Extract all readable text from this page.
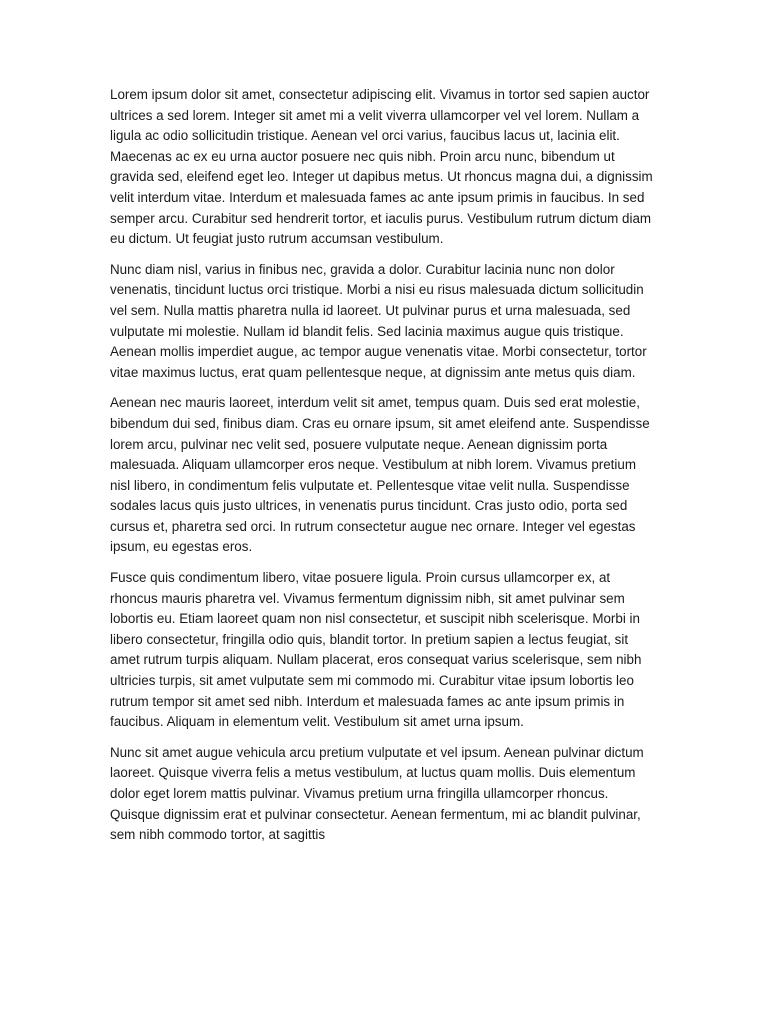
Lorem ipsum dolor sit amet, consectetur adipiscing elit. Vivamus in tortor sed sapien auctor ultrices a sed lorem. Integer sit amet mi a velit viverra ullamcorper vel vel lorem. Nullam a ligula ac odio sollicitudin tristique. Aenean vel orci varius, faucibus lacus ut, lacinia elit. Maecenas ac ex eu urna auctor posuere nec quis nibh. Proin arcu nunc, bibendum ut gravida sed, eleifend eget leo. Integer ut dapibus metus. Ut rhoncus magna dui, a dignissim velit interdum vitae. Interdum et malesuada fames ac ante ipsum primis in faucibus. In sed semper arcu. Curabitur sed hendrerit tortor, et iaculis purus. Vestibulum rutrum dictum diam eu dictum. Ut feugiat justo rutrum accumsan vestibulum.

Nunc diam nisl, varius in finibus nec, gravida a dolor. Curabitur lacinia nunc non dolor venenatis, tincidunt luctus orci tristique. Morbi a nisi eu risus malesuada dictum sollicitudin vel sem. Nulla mattis pharetra nulla id laoreet. Ut pulvinar purus et urna malesuada, sed vulputate mi molestie. Nullam id blandit felis. Sed lacinia maximus augue quis tristique. Aenean mollis imperdiet augue, ac tempor augue venenatis vitae. Morbi consectetur, tortor vitae maximus luctus, erat quam pellentesque neque, at dignissim ante metus quis diam.

Aenean nec mauris laoreet, interdum velit sit amet, tempus quam. Duis sed erat molestie, bibendum dui sed, finibus diam. Cras eu ornare ipsum, sit amet eleifend ante. Suspendisse lorem arcu, pulvinar nec velit sed, posuere vulputate neque. Aenean dignissim porta malesuada. Aliquam ullamcorper eros neque. Vestibulum at nibh lorem. Vivamus pretium nisl libero, in condimentum felis vulputate et. Pellentesque vitae velit nulla. Suspendisse sodales lacus quis justo ultrices, in venenatis purus tincidunt. Cras justo odio, porta sed cursus et, pharetra sed orci. In rutrum consectetur augue nec ornare. Integer vel egestas ipsum, eu egestas eros.

Fusce quis condimentum libero, vitae posuere ligula. Proin cursus ullamcorper ex, at rhoncus mauris pharetra vel. Vivamus fermentum dignissim nibh, sit amet pulvinar sem lobortis eu. Etiam laoreet quam non nisl consectetur, et suscipit nibh scelerisque. Morbi in libero consectetur, fringilla odio quis, blandit tortor. In pretium sapien a lectus feugiat, sit amet rutrum turpis aliquam. Nullam placerat, eros consequat varius scelerisque, sem nibh ultricies turpis, sit amet vulputate sem mi commodo mi. Curabitur vitae ipsum lobortis leo rutrum tempor sit amet sed nibh. Interdum et malesuada fames ac ante ipsum primis in faucibus. Aliquam in elementum velit. Vestibulum sit amet urna ipsum.

Nunc sit amet augue vehicula arcu pretium vulputate et vel ipsum. Aenean pulvinar dictum laoreet. Quisque viverra felis a metus vestibulum, at luctus quam mollis. Duis elementum dolor eget lorem mattis pulvinar. Vivamus pretium urna fringilla ullamcorper rhoncus. Quisque dignissim erat et pulvinar consectetur. Aenean fermentum, mi ac blandit pulvinar, sem nibh commodo tortor, at sagittis
